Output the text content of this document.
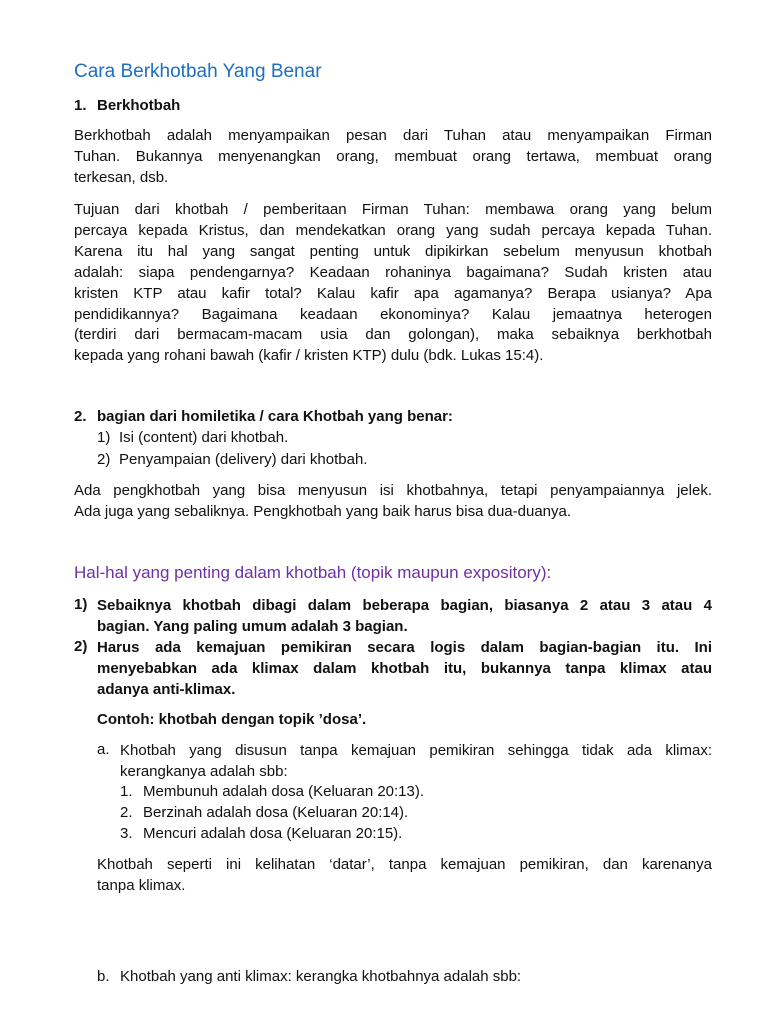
Cara Berkhotbah Yang Benar
1. Berkhotbah
Berkhotbah adalah menyampaikan pesan dari Tuhan atau menyampaikan Firman
Tuhan. Bukannya menyenangkan orang, membuat orang tertawa, membuat orang
terkesan, dsb.
Tujuan dari khotbah / pemberitaan Firman Tuhan: membawa orang yang belum
percaya kepada Kristus, dan mendekatkan orang yang sudah percaya kepada Tuhan.
Karena itu hal yang sangat penting untuk dipikirkan sebelum menyusun khotbah
adalah: siapa pendengarnya? Keadaan rohaninya bagaimana? Sudah kristen atau
kristen KTP atau kafir total? Kalau kafir apa agamanya? Berapa usianya? Apa
pendidikannya? Bagaimana keadaan ekonominya? Kalau jemaatnya heterogen
(terdiri dari bermacam-macam usia dan golongan), maka sebaiknya berkhotbah
kepada yang rohani bawah (kafir / kristen KTP) dulu (bdk. Lukas 15:4).
2. bagian dari homiletika / cara Khotbah yang benar:
1) Isi (content) dari khotbah.
2) Penyampaian (delivery) dari khotbah.
Ada pengkhotbah yang bisa menyusun isi khotbahnya, tetapi penyampaiannya jelek.
Ada juga yang sebaliknya. Pengkhotbah yang baik harus bisa dua-duanya.
Hal-hal yang penting dalam khotbah (topik maupun expository):
1) Sebaiknya khotbah dibagi dalam beberapa bagian, biasanya 2 atau 3 atau 4
bagian. Yang paling umum adalah 3 bagian.
2) Harus ada kemajuan pemikiran secara logis dalam bagian-bagian itu. Ini
menyebabkan ada klimax dalam khotbah itu, bukannya tanpa klimax atau
adanya anti-klimax.
Contoh: khotbah dengan topik ’dosa’.
a. Khotbah yang disusun tanpa kemajuan pemikiran sehingga tidak ada klimax:
kerangkanya adalah sbb:
1. Membunuh adalah dosa (Keluaran 20:13).
2. Berzinah adalah dosa (Keluaran 20:14).
3. Mencuri adalah dosa (Keluaran 20:15).
Khotbah seperti ini kelihatan ‘datar’, tanpa kemajuan pemikiran, dan karenanya
tanpa klimax.
b. Khotbah yang anti klimax: kerangka khotbahnya adalah sbb:
